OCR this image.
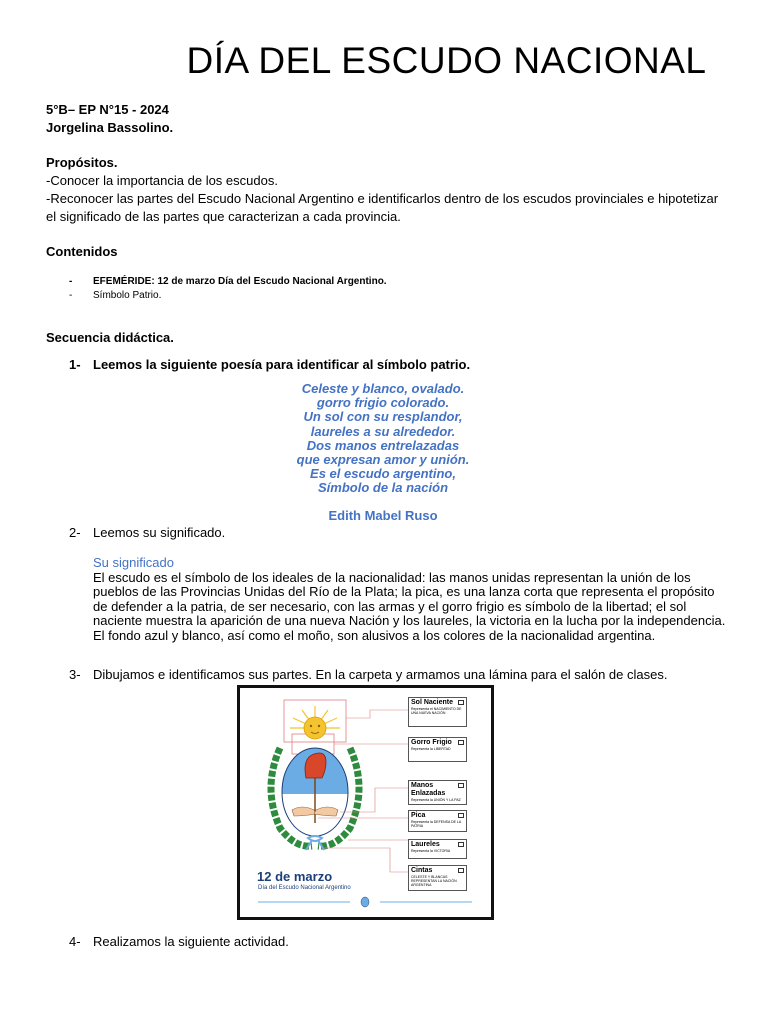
DÍA DEL ESCUDO NACIONAL
5°B– EP N°15 - 2024
Jorgelina Bassolino.
Propósitos.
-Conocer la importancia de los escudos.
-Reconocer las partes del Escudo Nacional Argentino e identificarlos dentro de los escudos provinciales e hipotetizar
el significado de las partes que caracterizan a cada provincia.
Contenidos
- EFEMÉRIDE: 12 de marzo Día del Escudo Nacional Argentino.
- Símbolo Patrio.
Secuencia didáctica.
1- Leemos la siguiente poesía para identificar al símbolo patrio.
Celeste y blanco, ovalado.
gorro frigio colorado.
Un sol con su resplandor,
laureles a su alrededor.
Dos manos entrelazadas
que expresan amor y unión.
Es el escudo argentino,
Símbolo de la nación
Edith Mabel Ruso
2- Leemos su significado.
Su significado
El escudo es el símbolo de los ideales de la nacionalidad: las manos unidas representan la unión de los
pueblos de las Provincias Unidas del Río de la Plata; la pica, es una lanza corta que representa el propósito
de defender a la patria, de ser necesario, con las armas y el gorro frigio es símbolo de la libertad; el sol
naciente muestra la aparición de una nueva Nación y los laureles, la victoria en la lucha por la independencia.
El fondo azul y blanco, así como el moño, son alusivos a los colores de la nacionalidad argentina.
3- Dibujamos e identificamos sus partes. En la carpeta y armamos una lámina para el salón de clases.
12 de marzo
Día del Escudo Nacional Argentino
Sol Naciente
Representa el NACIMIENTO DE UNA NUEVA NACIÓN
Gorro Frigio
Representa la LIBERTAD
Manos Enlazadas
Representa la UNIÓN Y LA PAZ
Pica
Representa la DEFENSA DE LA PATRIA
Laureles
Representa la VICTORIA
Cintas
CELESTE Y BLANCAS REPRESENTAN LA NACIÓN ARGENTINA
4- Realizamos la siguiente actividad.
